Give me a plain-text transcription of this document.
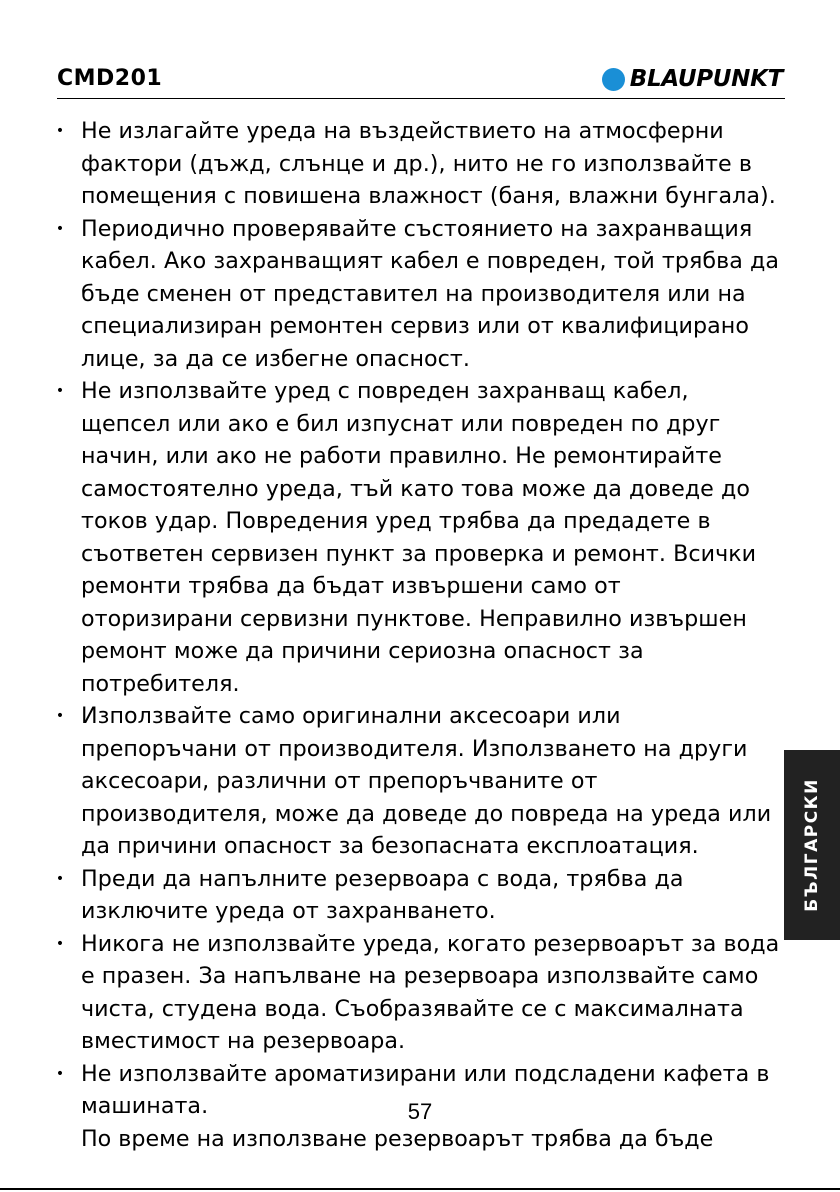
CMD201	BLAUPUNKT
• Не излагайте уреда на въздействието на атмосферни
фактори (дъжд, слънце и др.), нито не го използвайте в
помещения с повишена влажност (баня, влажни бунгала).
• Периодично проверявайте състоянието на захранващия
кабел. Ако захранващият кабел е повреден, той трябва да
бъде сменен от представител на производителя или на
специализиран ремонтен сервиз или от квалифицирано
лице, за да се избегне опасност.
• Не използвайте уред с повреден захранващ кабел,
щепсел или ако е бил изпуснат или повреден по друг
начин, или ако не работи правилно. Не ремонтирайте
самостоятелно уреда, тъй като това може да доведе до
токов удар. Повредения уред трябва да предадете в
съответен сервизен пункт за проверка и ремонт. Всички
ремонти трябва да бъдат извършени само от
оторизирани сервизни пунктове. Неправилно извършен
ремонт може да причини сериозна опасност за
потребителя.
• Използвайте само оригинални аксесоари или
препоръчани от производителя. Използването на други
аксесоари, различни от препоръчваните от
производителя, може да доведе до повреда на уреда или
да причини опасност за безопасната експлоатация.
• Преди да напълните резервоара с вода, трябва да
изключите уреда от захранването.
• Никога не използвайте уреда, когато резервоарът за вода
е празен. За напълване на резервоара използвайте само
чиста, студена вода. Съобразявайте се с максималната
вместимост на резервоара.
• Не използвайте ароматизирани или подсладени кафета в
машината.
По време на използване резервоарът трябва да бъде
БЪЛГАРСКИ
57
